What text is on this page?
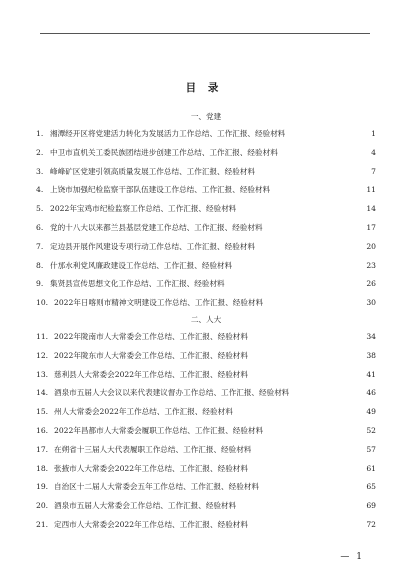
目 录
一、党建
1. 湘潭经开区将党建活力转化为发展活力工作总结、工作汇报、经验材料	1
2. 中卫市直机关工委民族团结进步创建工作总结、工作汇报、经验材料	4
3. 峰峰矿区党建引领高质量发展工作总结、工作汇报、经验材料	7
4. 上饶市加强纪检监察干部队伍建设工作总结、工作汇报、经验材料	11
5. 2022年宝鸡市纪检监察工作总结、工作汇报、经验材料	14
6. 党的十八大以来都兰县基层党建工作总结、工作汇报、经验材料	17
7. 定边县开展作风建设专项行动工作总结、工作汇报、经验材料	20
8. 什邡水利党风廉政建设工作总结、工作汇报、经验材料	23
9. 集贤县宣传思想文化工作总结、工作汇报、经验材料	26
10. 2022年日喀则市精神文明建设工作总结、工作汇报、经验材料	30
二、人大
11. 2022年陇南市人大常委会工作总结、工作汇报、经验材料	34
12. 2022年陇东市人大常委会工作总结、工作汇报、经验材料	38
13. 慈利县人大常委会2022年工作总结、工作汇报、经验材料	41
14. 酒泉市五届人大会议以来代表建议督办工作总结、工作汇报、经验材料	46
15. 州人大常委会2022年工作总结、工作汇报、经验材料	49
16. 2022年昌都市人大常委会履职工作总结、工作汇报、经验材料	52
17. 在朔省十三届人大代表履职工作总结、工作汇报、经验材料	57
18. 张掖市人大常委会2022年工作总结、工作汇报、经验材料	61
19. 自治区十二届人大常委会五年工作总结、工作汇报、经验材料	65
20. 酒泉市五届人大常委会工作总结、工作汇报、经验材料	69
21. 定西市人大常委会2022年工作总结、工作汇报、经验材料	72
— 1
